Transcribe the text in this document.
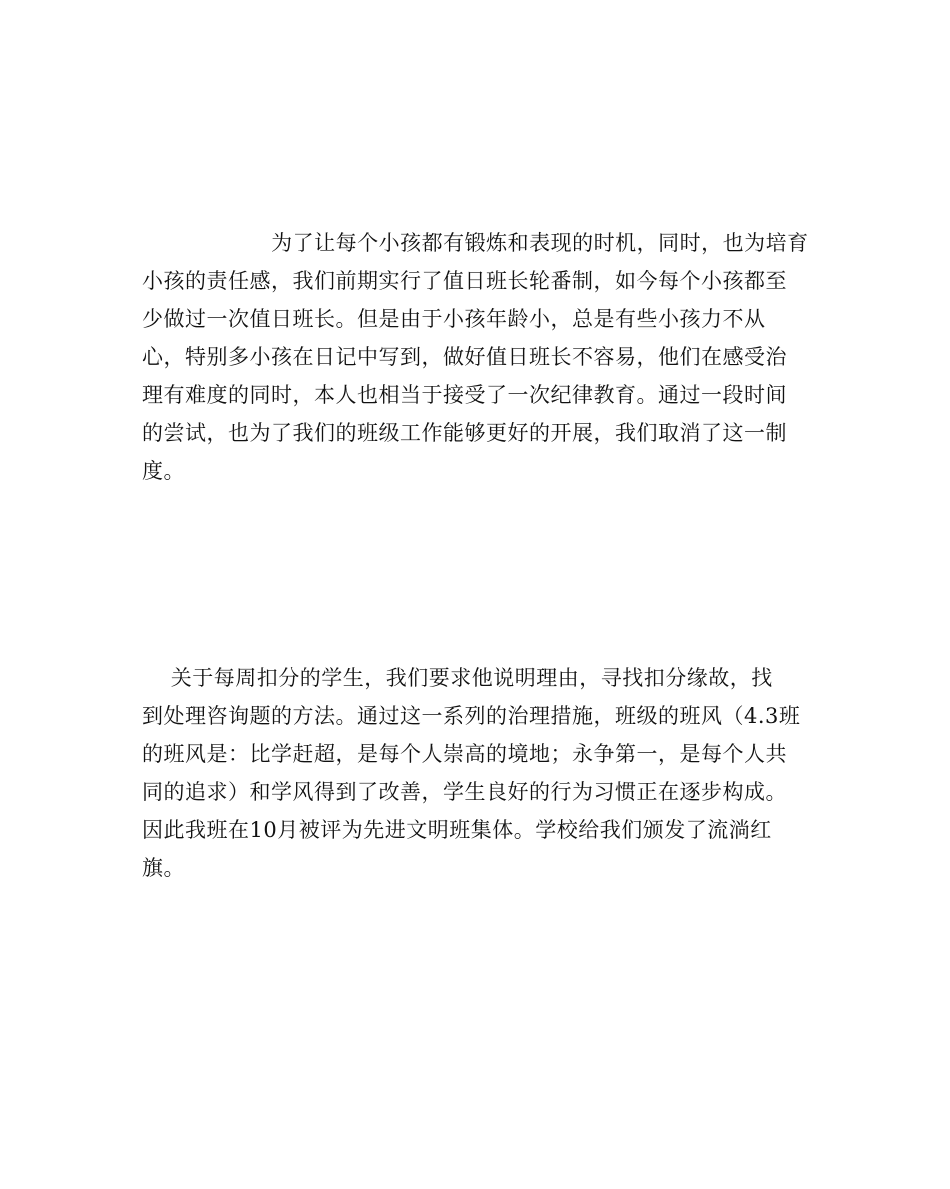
为了让每个小孩都有锻炼和表现的时机，同时，也为培育
小孩的责任感，我们前期实行了值日班长轮番制，如今每个小孩都至
少做过一次值日班长。但是由于小孩年龄小，总是有些小孩力不从
心，特别多小孩在日记中写到，做好值日班长不容易，他们在感受治
理有难度的同时，本人也相当于接受了一次纪律教育。通过一段时间
的尝试，也为了我们的班级工作能够更好的开展，我们取消了这一制
度。
关于每周扣分的学生，我们要求他说明理由，寻找扣分缘故，找
到处理咨询题的方法。通过这一系列的治理措施，班级的班风（4.3班
的班风是：比学赶超，是每个人崇高的境地；永争第一，是每个人共
同的追求）和学风得到了改善，学生良好的行为习惯正在逐步构成。
因此我班在10月被评为先进文明班集体。学校给我们颁发了流淌红
旗。
